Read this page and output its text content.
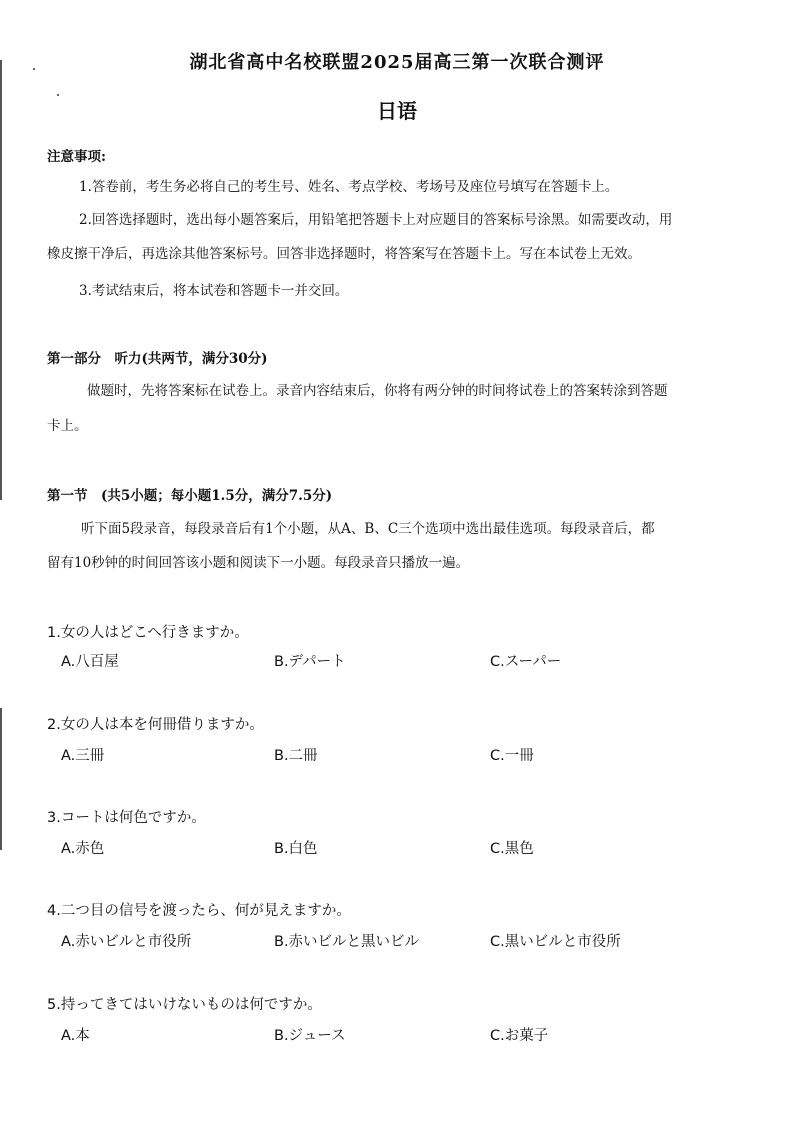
湖北省高中名校联盟2025届高三第一次联合测评
日语
注意事项:
1.答卷前，考生务必将自己的考生号、姓名、考点学校、考场号及座位号填写在答题卡上。
2.回答选择题时，选出每小题答案后，用铅笔把答题卡上对应题目的答案标号涂黑。如需要改动，用
橡皮擦干净后，再选涂其他答案标号。回答非选择题时，将答案写在答题卡上。写在本试卷上无效。
3.考试结束后，将本试卷和答题卡一并交回。
第一部分　听力(共两节，满分30分)
做题时，先将答案标在试卷上。录音内容结束后，你将有两分钟的时间将试卷上的答案转涂到答题
卡上。
第一节　(共5小题；每小题1.5分，满分7.5分)
听下面5段录音，每段录音后有1个小题，从A、B、C三个选项中选出最佳选项。每段录音后，都
留有10秒钟的时间回答该小题和阅读下一小题。每段录音只播放一遍。
1.女の人はどこへ行きますか。
A.八百屋	B.デパート	C.スーパー
2.女の人は本を何冊借りますか。
A.三冊	B.二冊	C.一冊
3.コートは何色ですか。
A.赤色	B.白色	C.黒色
4.二つ目の信号を渡ったら、何が見えますか。
A.赤いビルと市役所	B.赤いビルと黒いビル	C.黒いビルと市役所
5.持ってきてはいけないものは何ですか。
A.本	B.ジュース	C.お菓子
